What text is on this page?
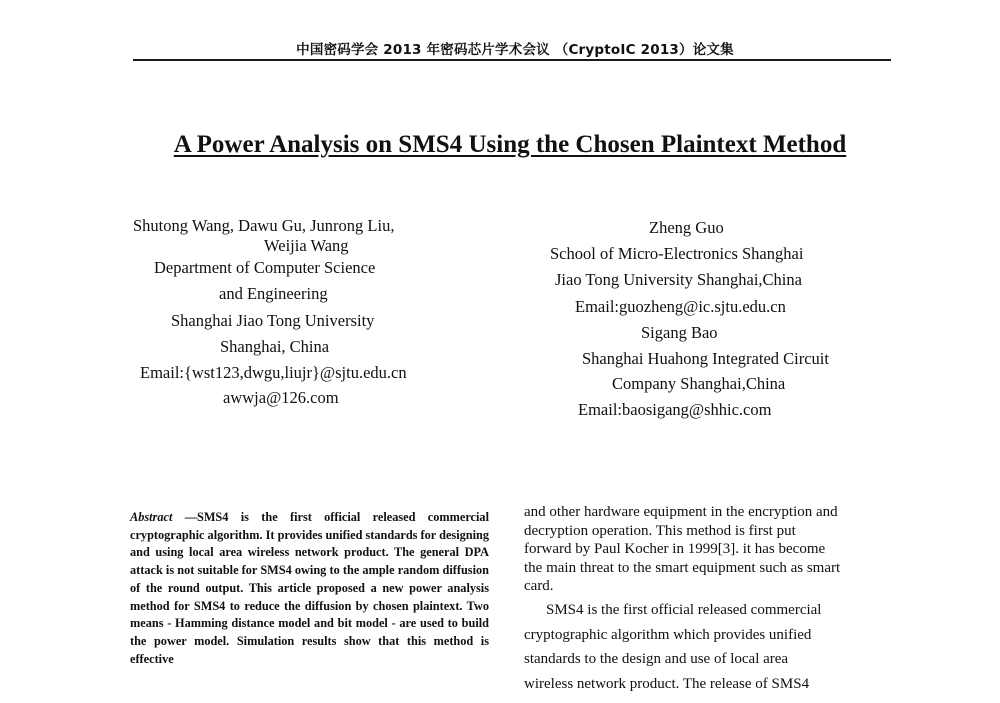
中国密码学会 2013 年密码芯片学术会议 （CryptoIC 2013）论文集
A Power Analysis on SMS4 Using the Chosen Plaintext Method
Shutong Wang, Dawu Gu, Junrong Liu,
Weijia Wang
Department of Computer Science
and Engineering
Shanghai Jiao Tong University
Shanghai, China
Email:{wst123,dwgu,liujr}@sjtu.edu.cn
awwja@126.com
Zheng Guo
School of Micro-Electronics Shanghai
Jiao Tong University Shanghai,China
Email:guozheng@ic.sjtu.edu.cn
Sigang Bao
Shanghai Huahong Integrated Circuit
Company Shanghai,China
Email:baosigang@shhic.com
Abstract —SMS4 is the first official released commercial cryptographic algorithm. It provides unified standards for designing and using local area wireless network product. The general DPA attack is not suitable for SMS4 owing to the ample random diffusion of the round output. This article proposed a new power analysis method for SMS4 to reduce the diffusion by chosen plaintext. Two means - Hamming distance model and bit model - are used to build the power model. Simulation results show that this method is effective
and other hardware equipment in the encryption and
decryption operation. This method is first put
forward by Paul Kocher in 1999[3]. it has become
the main threat to the smart equipment such as smart
card.
SMS4 is the first official released commercial
cryptographic algorithm which provides unified
standards to the design and use of local area
wireless network product. The release of SMS4
